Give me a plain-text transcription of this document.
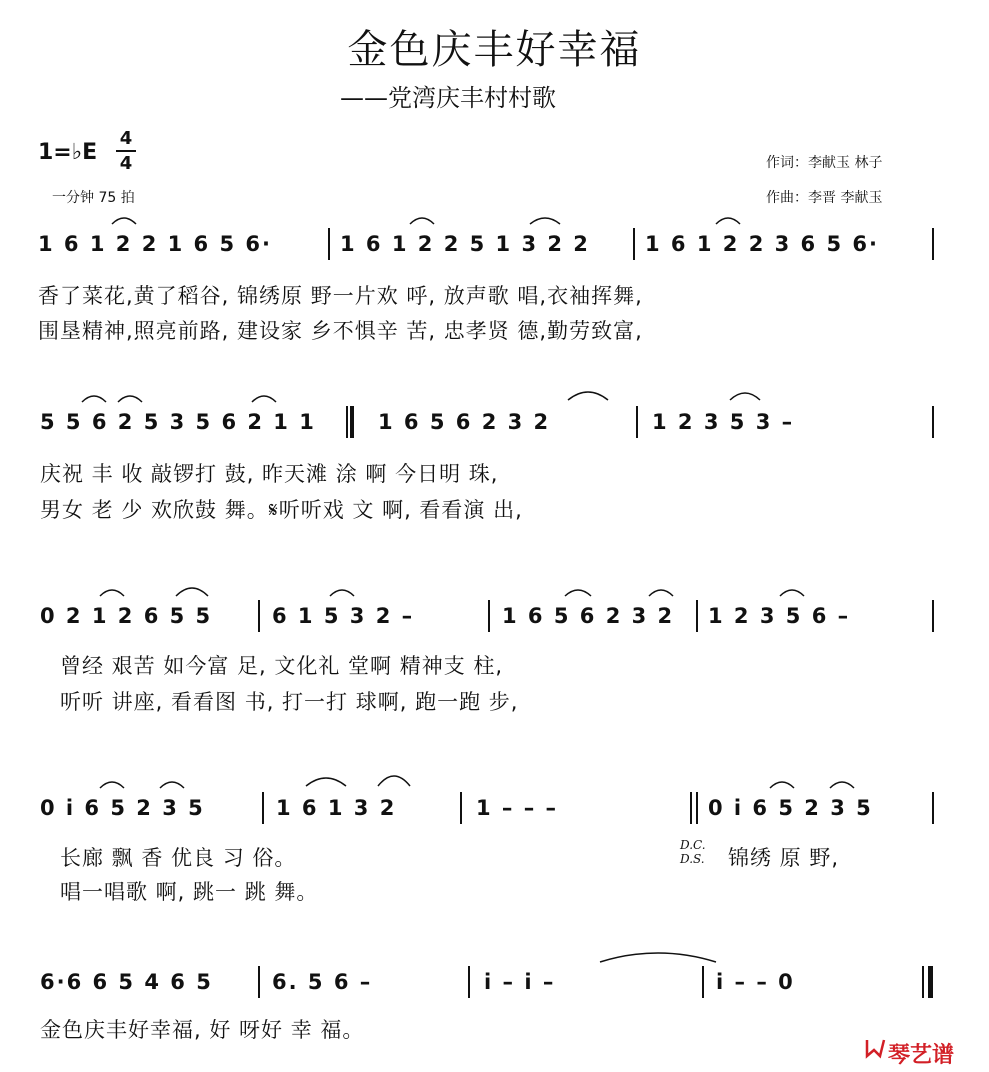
金色庆丰好幸福
——党湾庆丰村村歌
1=♭E
4
4
一分钟 75 拍
作词：李献玉 林子
作曲：李晋 李献玉
1 6 1 2 2 1 6 5 6·	1 6 1 2 2 5 1 3 2 2	1 6 1 2 2 3 6 5 6·
香了菜花,黄了稻谷, 锦绣原 野一片欢 呼, 放声歌 唱,衣袖挥舞,
围垦精神,照亮前路, 建设家 乡不惧辛 苦, 忠孝贤 德,勤劳致富,
5 5 6 2 5 3 5 6 2 1 1	1 6 5 6 2 3 2	1 2 3 5 3 –
庆祝 丰 收 敲锣打 鼓, 昨天滩 涂 啊 今日明 珠,
男女 老 少 欢欣鼓 舞。𝄋听听戏 文 啊, 看看演 出,
0 2 1 2 6 5 5	6 1 5 3 2 –	1 6 5 6 2 3 2 1 2 3 5 6 –
曾经 艰苦 如今富 足, 文化礼 堂啊 精神支 柱,
听听 讲座, 看看图 书, 打一打 球啊, 跑一跑 步,
0 i 6 5 2 3 5	1 6 1 3 2	1 – – –	0 i 6 5 2 3 5
长廊 飘 香 优良 习 俗。
唱一唱歌 啊, 跳一 跳 舞。
D.C.
D.S. 锦绣 原 野,
6·6 6 5 4 6 5	6. 5 6 –	i – i –	i – – 0
金色庆丰好幸福, 好 呀好 幸 福。
琴艺谱
